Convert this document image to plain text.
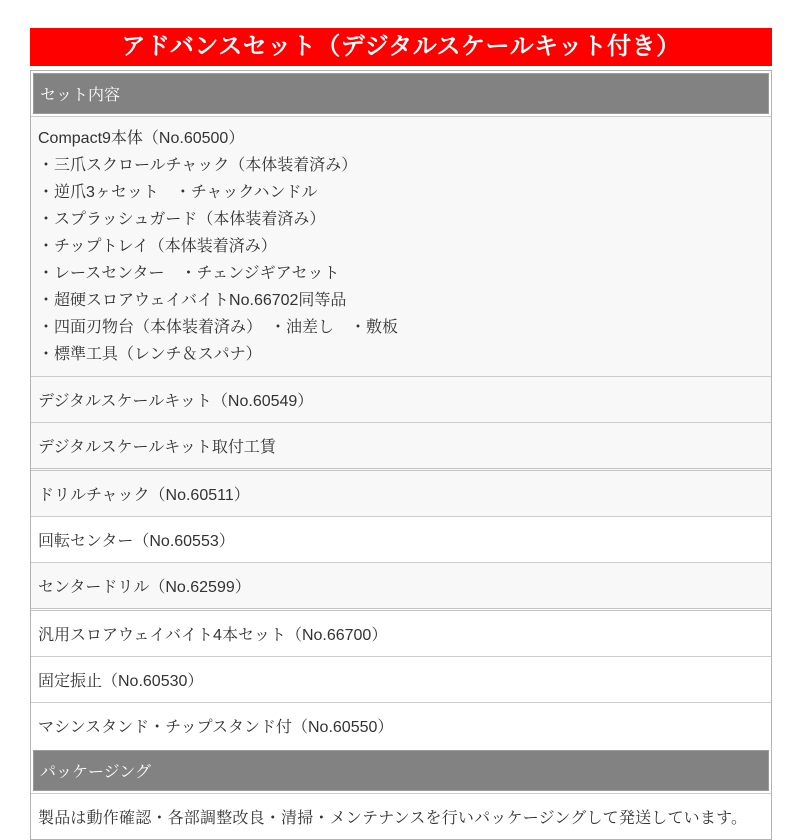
アドバンスセット（デジタルスケールキット付き）
セット内容
Compact9本体（No.60500）
・三爪スクロールチャック（本体装着済み）
・逆爪3ヶセット　・チャックハンドル
・スプラッシュガード（本体装着済み）
・チップトレイ（本体装着済み）
・レースセンター　・チェンジギアセット
・超硬スロアウェイバイトNo.66702同等品
・四面刃物台（本体装着済み）　・油差し　・敷板
・標準工具（レンチ＆スパナ）
デジタルスケールキット（No.60549）
デジタルスケールキット取付工賃
ドリルチャック（No.60511）
回転センター（No.60553）
センタードリル（No.62599）
汎用スロアウェイバイト4本セット（No.66700）
固定振止（No.60530）
マシンスタンド・チップスタンド付（No.60550）
パッケージング
製品は動作確認・各部調整改良・清掃・メンテナンスを行いパッケージングして発送しています。
